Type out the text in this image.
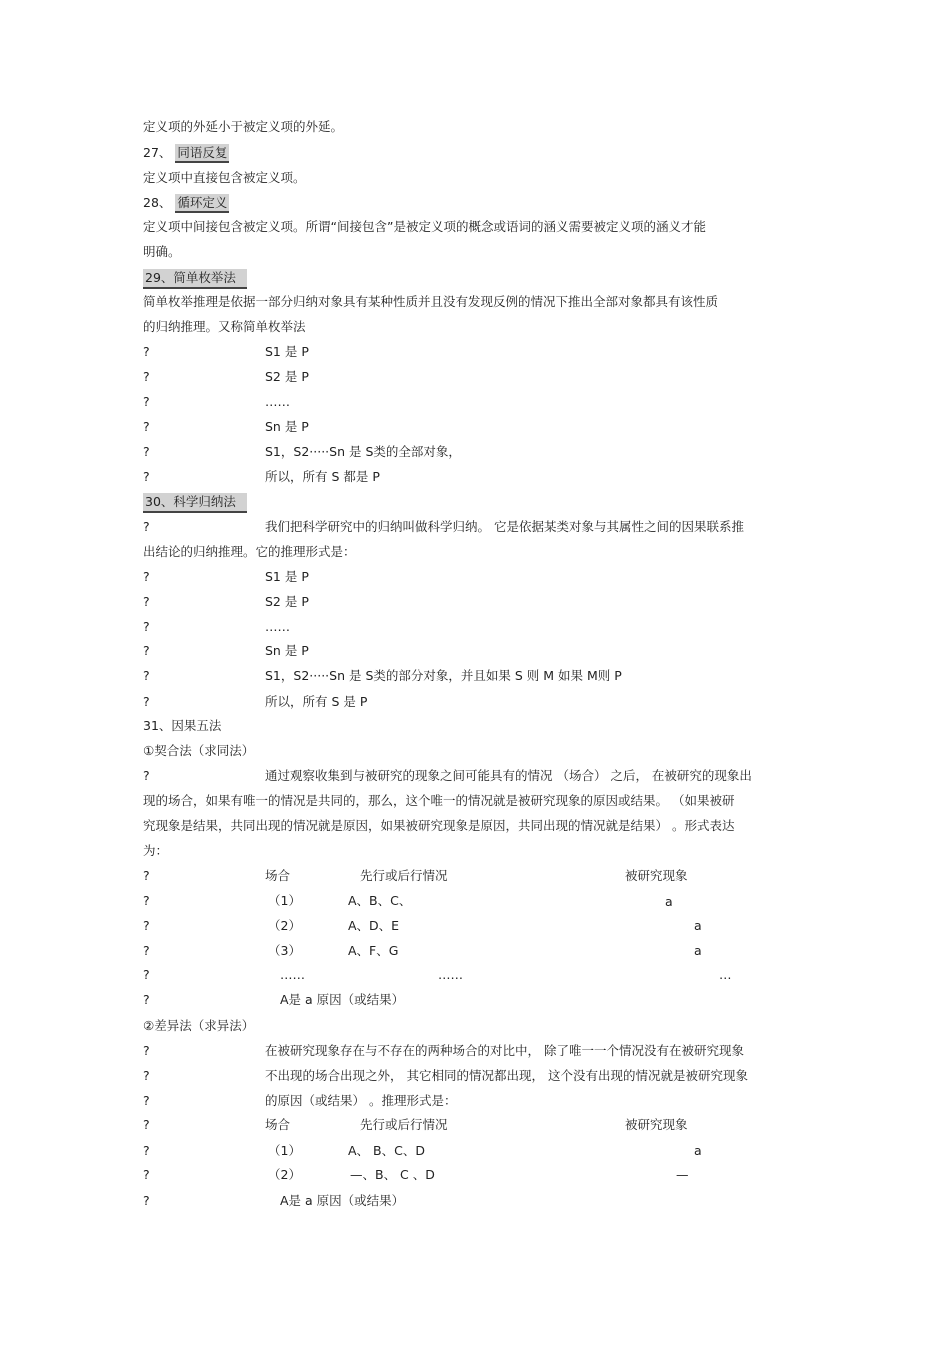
定义项的外延小于被定义项的外延。
27、 同语反复
定义项中直接包含被定义项。
28、 循环定义
定义项中间接包含被定义项。所谓“间接包含”是被定义项的概念或语词的涵义需要被定义项的涵义才能
明确。
29、简单枚举法
简单枚举推理是依据一部分归纳对象具有某种性质并且没有发现反例的情况下推出全部对象都具有该性质
的归纳推理。又称简单枚举法
?	S1 是 P
?	S2 是 P
?	……
?	Sn 是 P
?	S1，S2·····Sn 是 S类的全部对象，
?	所以，所有 S 都是 P
30、科学归纳法
?	我们把科学研究中的归纳叫做科学归纳。 它是依据某类对象与其属性之间的因果联系推
出结论的归纳推理。它的推理形式是：
?	S1 是 P
?	S2 是 P
?	……
?	Sn 是 P
?	S1，S2·····Sn 是 S类的部分对象，并且如果 S 则 M 如果 M则 P
?	所以，所有 S 是 P
31、因果五法
①契合法（求同法）
?	通过观察收集到与被研究的现象之间可能具有的情况 （场合） 之后， 在被研究的现象出
现的场合，如果有唯一的情况是共同的，那么，这个唯一的情况就是被研究现象的原因或结果。 （如果被研
究现象是结果，共同出现的情况就是原因，如果被研究现象是原因，共同出现的情况就是结果） 。形式表达
为：
?	场合	先行或后行情况	被研究现象
?	（1）	A、B、C、	a
?	（2）	A、D、E	a
?	（3）	A、F、G	a
?	……	……	…
?	A是 a 原因（或结果）
②差异法（求异法）
?	在被研究现象存在与不存在的两种场合的对比中， 除了唯一一个情况没有在被研究现象
?	不出现的场合出现之外， 其它相同的情况都出现， 这个没有出现的情况就是被研究现象
?	的原因（或结果） 。推理形式是：
?	场合	先行或后行情况	被研究现象
?	（1）	A、 B、C、D	a
?	（2）	—、B、 C 、D	—
?	A是 a 原因（或结果）
